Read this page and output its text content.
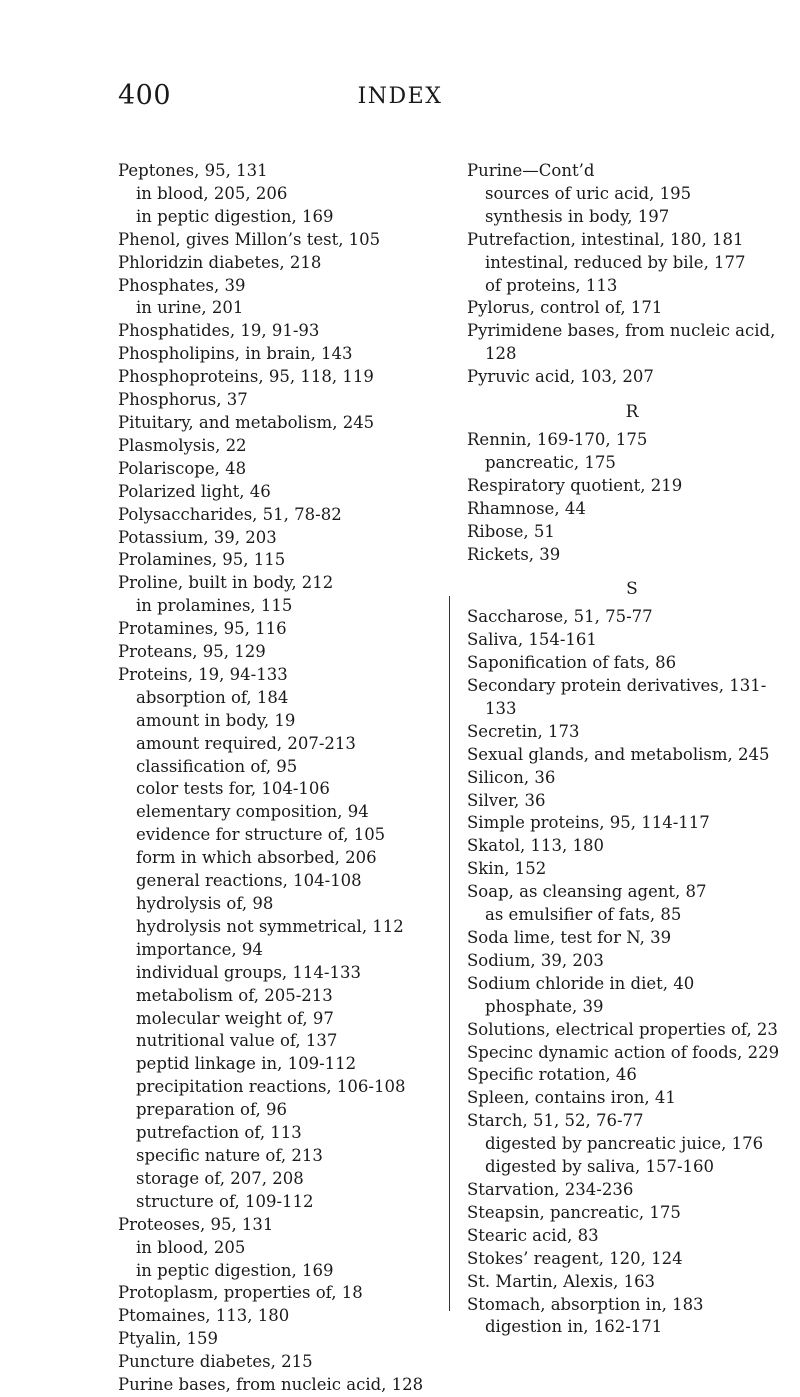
400	INDEX
Peptones, 95, 131
in blood, 205, 206
in peptic digestion, 169
Phenol, gives Millon’s test, 105
Phloridzin diabetes, 218
Phosphates, 39
in urine, 201
Phosphatides, 19, 91-93
Phospholipins, in brain, 143
Phosphoproteins, 95, 118, 119
Phosphorus, 37
Pituitary, and metabolism, 245
Plasmolysis, 22
Polariscope, 48
Polarized light, 46
Polysaccharides, 51, 78-82
Potassium, 39, 203
Prolamines, 95, 115
Proline, built in body, 212
in prolamines, 115
Protamines, 95, 116
Proteans, 95, 129
Proteins, 19, 94-133
absorption of, 184
amount in body, 19
amount required, 207-213
classification of, 95
color tests for, 104-106
elementary composition, 94
evidence for structure of, 105
form in which absorbed, 206
general reactions, 104-108
hydrolysis of, 98
hydrolysis not symmetrical, 112
importance, 94
individual groups, 114-133
metabolism of, 205-213
molecular weight of, 97
nutritional value of, 137
peptid linkage in, 109-112
precipitation reactions, 106-108
preparation of, 96
putrefaction of, 113
specific nature of, 213
storage of, 207, 208
structure of, 109-112
Proteoses, 95, 131
in blood, 205
in peptic digestion, 169
Protoplasm, properties of, 18
Ptomaines, 113, 180
Ptyalin, 159
Puncture diabetes, 215
Purine bases, from nucleic acid, 128
Purine—Cont’d
sources of uric acid, 195
synthesis in body, 197
Putrefaction, intestinal, 180, 181
intestinal, reduced by bile, 177
of proteins, 113
Pylorus, control of, 171
Pyrimidene bases, from nucleic acid, 128
Pyruvic acid, 103, 207
R
Rennin, 169-170, 175
pancreatic, 175
Respiratory quotient, 219
Rhamnose, 44
Ribose, 51
Rickets, 39
S
Saccharose, 51, 75-77
Saliva, 154-161
Saponification of fats, 86
Secondary protein derivatives, 131-133
Secretin, 173
Sexual glands, and metabolism, 245
Silicon, 36
Silver, 36
Simple proteins, 95, 114-117
Skatol, 113, 180
Skin, 152
Soap, as cleansing agent, 87
as emulsifier of fats, 85
Soda lime, test for N, 39
Sodium, 39, 203
Sodium chloride in diet, 40
phosphate, 39
Solutions, electrical properties of, 23
Specinc dynamic action of foods, 229
Specific rotation, 46
Spleen, contains iron, 41
Starch, 51, 52, 76-77
digested by pancreatic juice, 176
digested by saliva, 157-160
Starvation, 234-236
Steapsin, pancreatic, 175
Stearic acid, 83
Stokes’ reagent, 120, 124
St. Martin, Alexis, 163
Stomach, absorption in, 183
digestion in, 162-171
